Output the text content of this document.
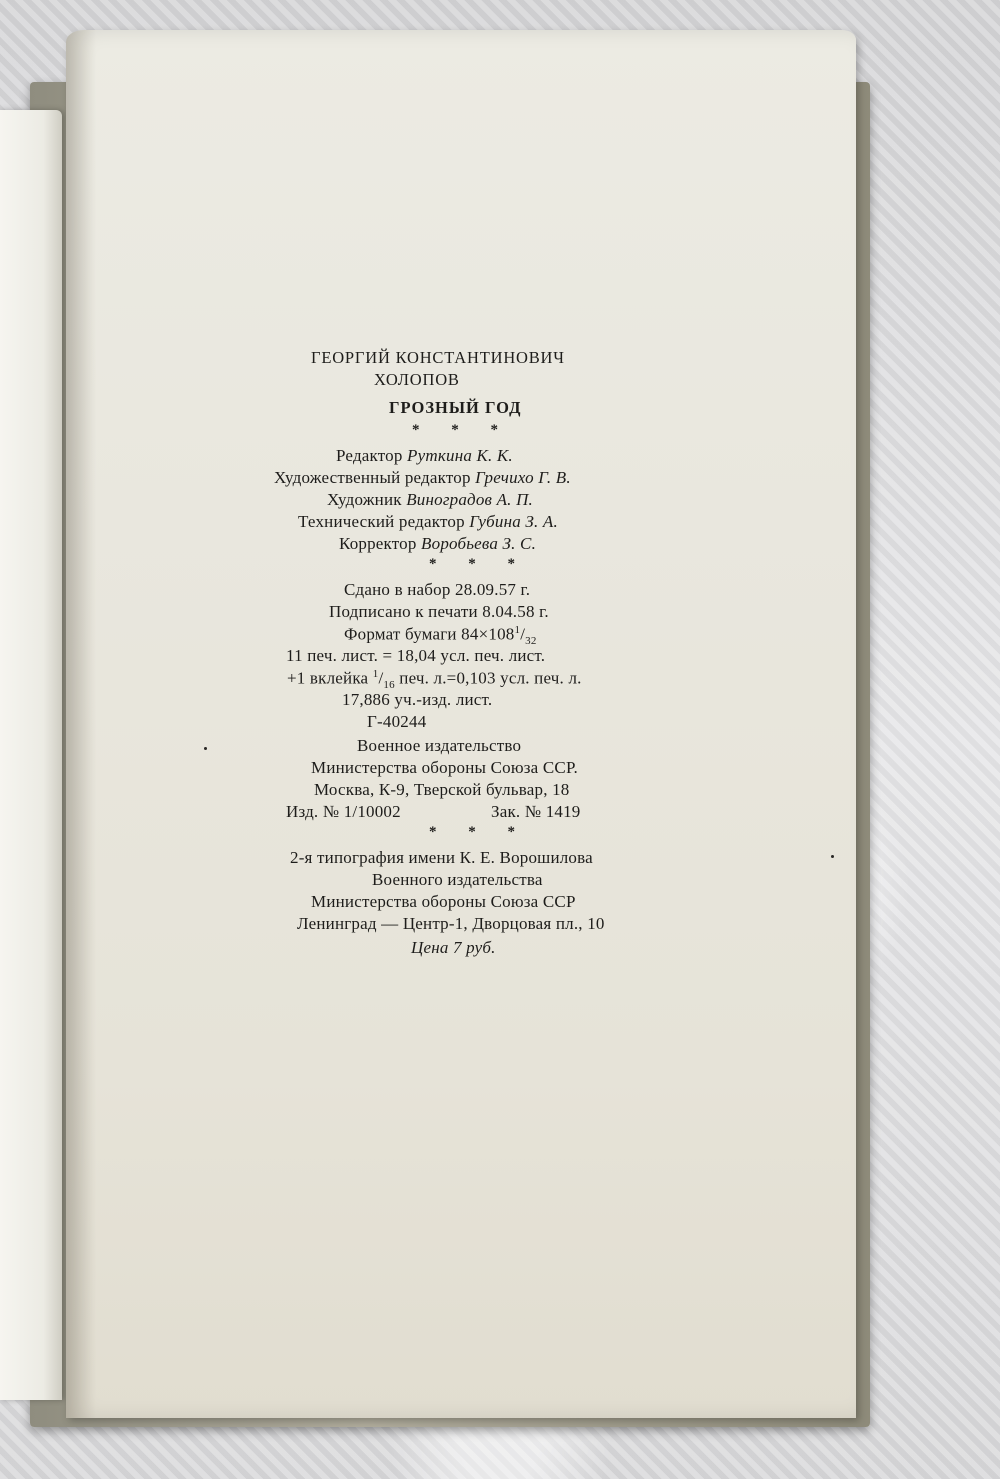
ГЕОРГИЙ КОНСТАНТИНОВИЧ
ХОЛОПОВ
ГРОЗНЫЙ ГОД
* * *
Редактор Руткина К. К.
Художественный редактор Гречихо Г. В.
Художник Виноградов А. П.
Технический редактор Губина З. А.
Корректор Воробьева З. С.
* * *
Сдано в набор 28.09.57 г.
Подписано к печати 8.04.58 г.
Формат бумаги $84\times 108^1/_{32}$
11 печ. лист. = 18,04 усл. печ. лист.
+1 вклейка $^1/_{16}$ печ. л.=0,103 усл. печ. л.
17,886 уч.-изд. лист.
Г-40244
Военное издательство
Министерства обороны Союза ССР.
Москва, К-9, Тверской бульвар, 18
Изд. № 1/10002	Зак. № 1419
* * *
2-я типография имени К. Е. Ворошилова
Военного издательства
Министерства обороны Союза ССР
Ленинград — Центр-1, Дворцовая пл., 10
Цена 7 руб.
